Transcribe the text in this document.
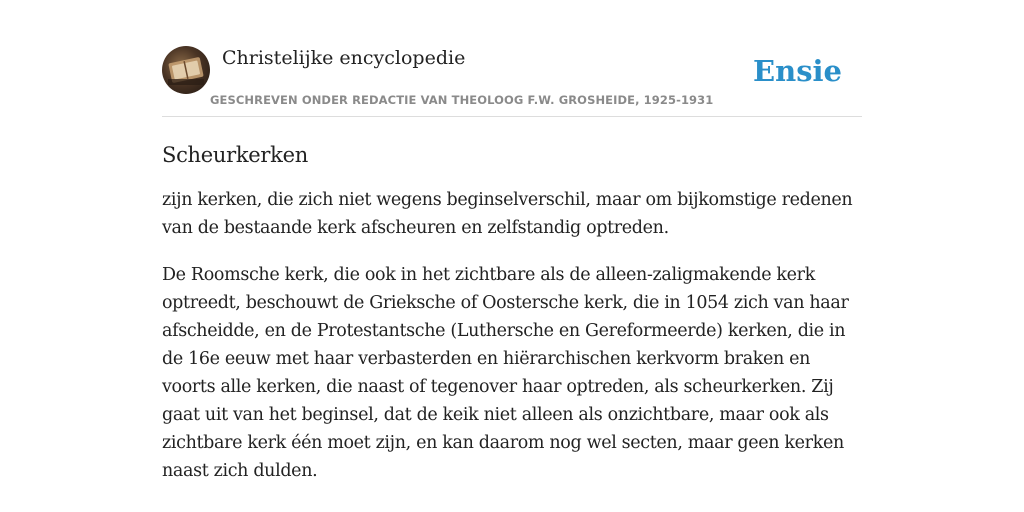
Christelijke encyclopedie
GESCHREVEN ONDER REDACTIE VAN THEOLOOG F.W. GROSHEIDE, 1925-1931
Ensie
Scheurkerken

zijn kerken, die zich niet wegens beginselverschil, maar om bijkomstige redenen van de bestaande kerk afscheuren en zelfstandig optreden.

De Roomsche kerk, die ook in het zichtbare als de alleen-zaligmakende kerk optreedt, beschouwt de Grieksche of Oostersche kerk, die in 1054 zich van haar afscheidde, en de Protestantsche (Luthersche en Gereformeerde) kerken, die in de 16e eeuw met haar verbasterden en hiërarchischen kerkvorm braken en voorts alle kerken, die naast of tegenover haar optreden, als scheurkerken. Zij gaat uit van het beginsel, dat de keik niet alleen als onzichtbare, maar ook als zichtbare kerk één moet zijn, en kan daarom nog wel secten, maar geen kerken naast zich dulden.
